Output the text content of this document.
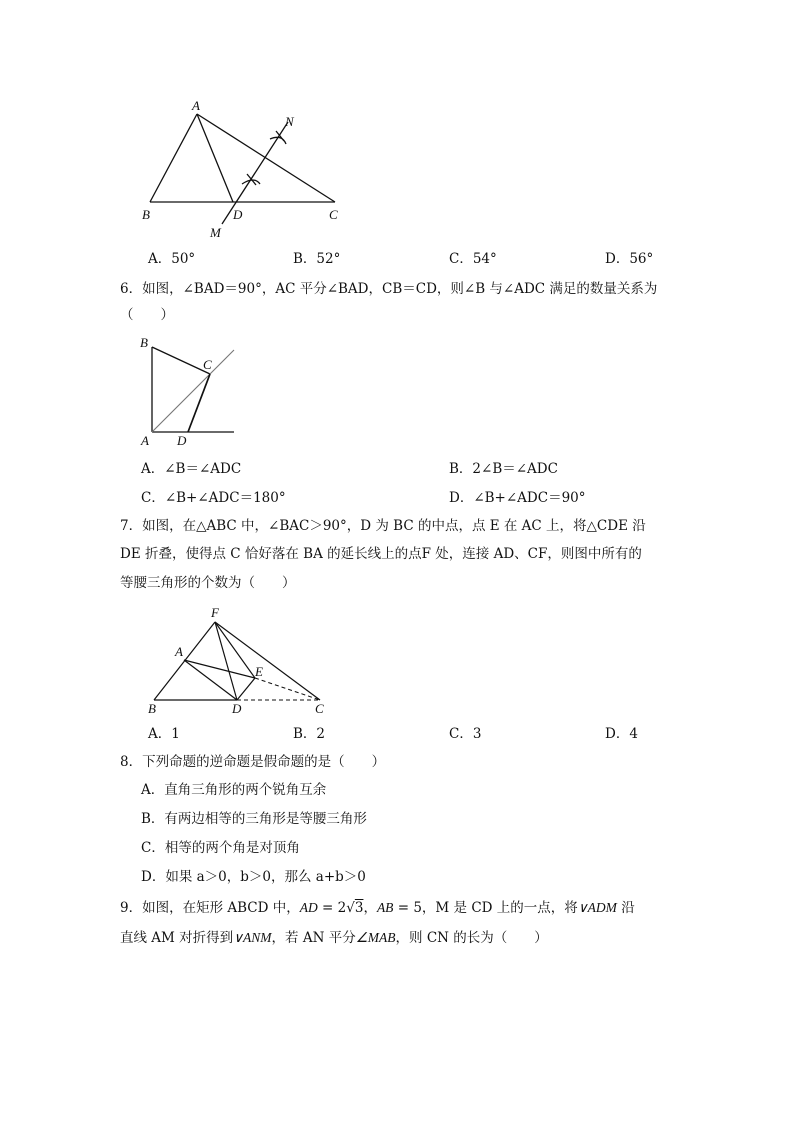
A
B	D	C
M
N
A．50°	B．52°	C．54°	D．56°
6．如图，∠BAD＝90°，AC 平分∠BAD，CB＝CD，则∠B 与∠ADC 满足的数量关系为
（　　）
B
C
A D
A．∠B＝∠ADC	B．2∠B＝∠ADC
C．∠B+∠ADC＝180°	D．∠B+∠ADC＝90°
7．如图，在△ABC 中，∠BAC＞90°，D 为 BC 的中点，点 E 在 AC 上，将△CDE 沿
DE 折叠，使得点 C 恰好落在 BA 的延长线上的点F 处，连接 AD、CF，则图中所有的
等腰三角形的个数为（　　）
F
A
E
B	D	C
A．1	B．2	C．3	D．4
8．下列命题的逆命题是假命题的是（　　）
A．直角三角形的两个锐角互余
B．有两边相等的三角形是等腰三角形
C．相等的两个角是对顶角
D．如果 a＞0，b＞0，那么 a+b＞0
9．如图，在矩形 ABCD 中，AD = 2√3，AB = 5，M 是 CD 上的一点，将∨ADM 沿
直线 AM 对折得到∨ANM，若 AN 平分∠MAB，则 CN 的长为（　　）
